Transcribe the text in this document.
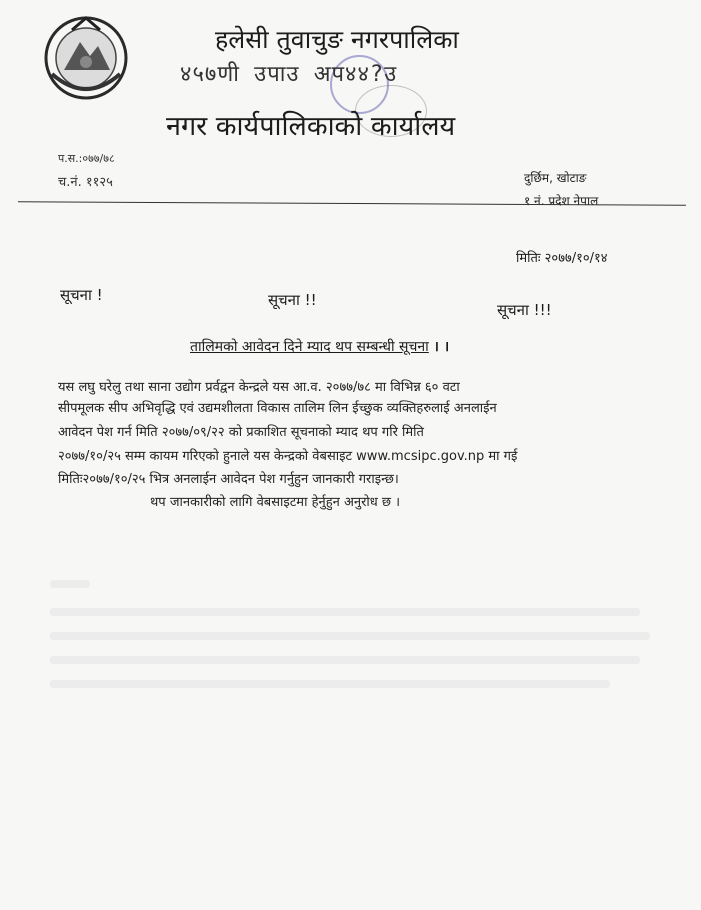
हलेसी तुवाचुङ नगरपालिका
४५७णी उपाउ अप४४?उ
नगर कार्यपालिकाको कार्यालय
प.स.:०७७/७८
च.नं. ११२५	दुर्छिम, खोटाङ
१ नं. प्रदेश नेपाल
मितिः २०७७/१०/१४
सूचना !	सूचना !!
सूचना !!!
तालिमको आवेदन दिने म्याद थप सम्बन्धी सूचना । ।
यस लघु घरेलु तथा साना उद्योग प्रर्वद्वन केन्द्रले यस आ.व. २०७७/७८ मा विभिन्न ६० वटा
सीपमूलक सीप अभिवृद्धि एवं उद्यमशीलता विकास तालिम लिन ईच्छुक व्यक्तिहरुलाई अनलाईन
आवेदन पेश गर्न मिति २०७७/०९/२२ को प्रकाशित सूचनाको म्याद थप गरि मिति
२०७७/१०/२५ सम्म कायम गरिएको हुनाले यस केन्द्रको वेबसाइट www.mcsipc.gov.np मा गई
मितिः२०७७/१०/२५ भित्र अनलाईन आवेदन पेश गर्नुहुन जानकारी गराइन्छ।
थप जानकारीको लागि वेबसाइटमा हेर्नुहुन अनुरोध छ ।
